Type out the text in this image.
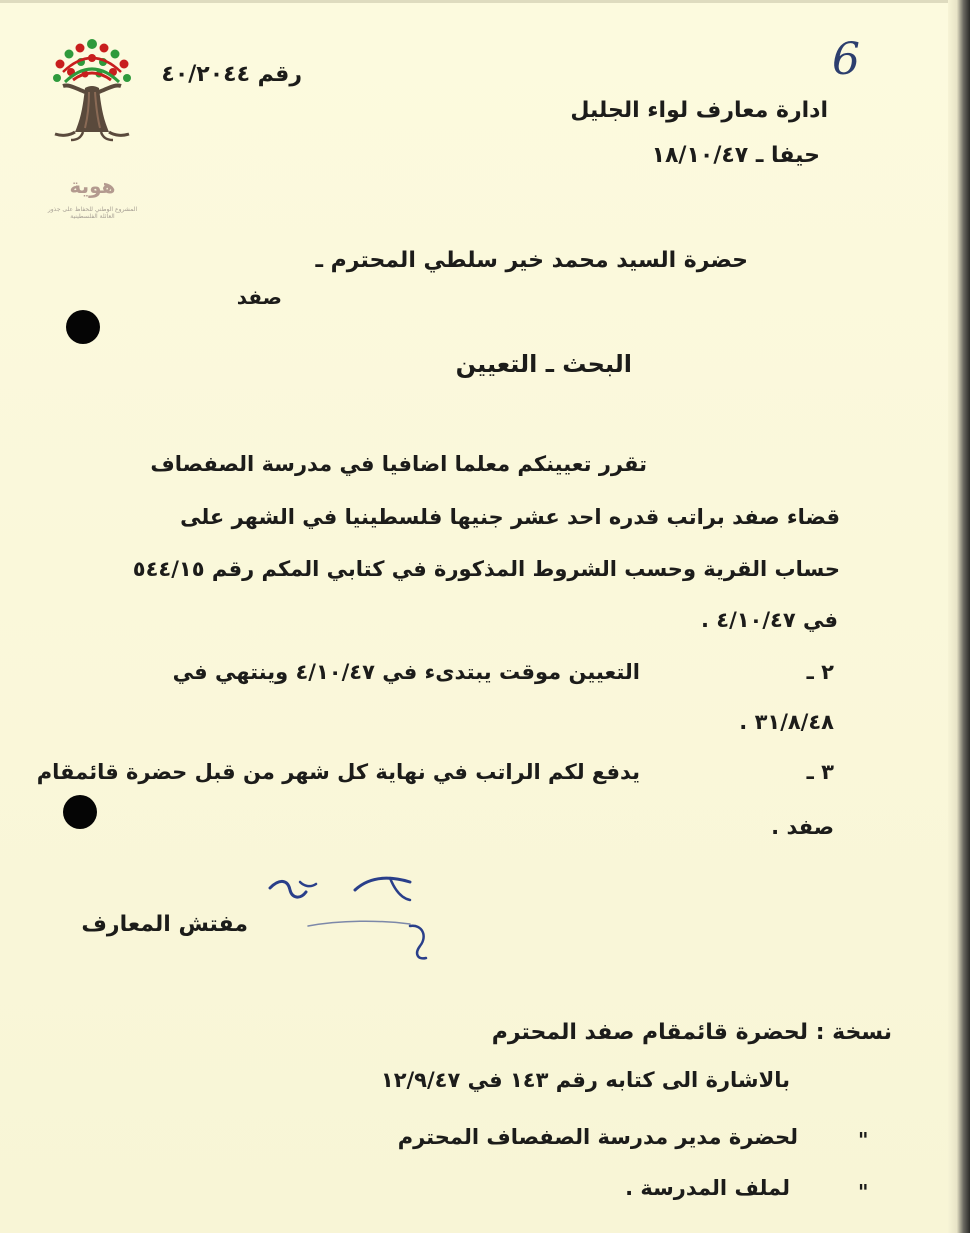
هوية
المشروع الوطني للحفاظ على جذور العائلة الفلسطينية
6
رقم ٤٠/٢٠٤٤
ادارة معارف لواء الجليل
حيفا ـ ١٨/١٠/٤٧
حضرة السيد محمد خير سلطي المحترم ـ
صفد
البحث ـ التعيين
تقرر تعيينكم معلما اضافيا في مدرسة الصفصاف
قضاء صفد براتب قدره احد عشر جنيها فلسطينيا في الشهر على
حساب القرية وحسب الشروط المذكورة في كتابي المكم رقم ٥٤٤/١٥
في ٤/١٠/٤٧ .
٢ ـ
التعيين موقت يبتدىء في ٤/١٠/٤٧ وينتهي في
٣١/٨/٤٨ .
٣ ـ
يدفع لكم الراتب في نهاية كل شهر من قبل حضرة قائمقام
صفد .
مفتش المعارف
نسخة : لحضرة قائمقام صفد المحترم
بالاشارة الى كتابه رقم ١٤٣ في ١٢/٩/٤٧
"
لحضرة مدير مدرسة الصفصاف المحترم
"
لملف المدرسة .
